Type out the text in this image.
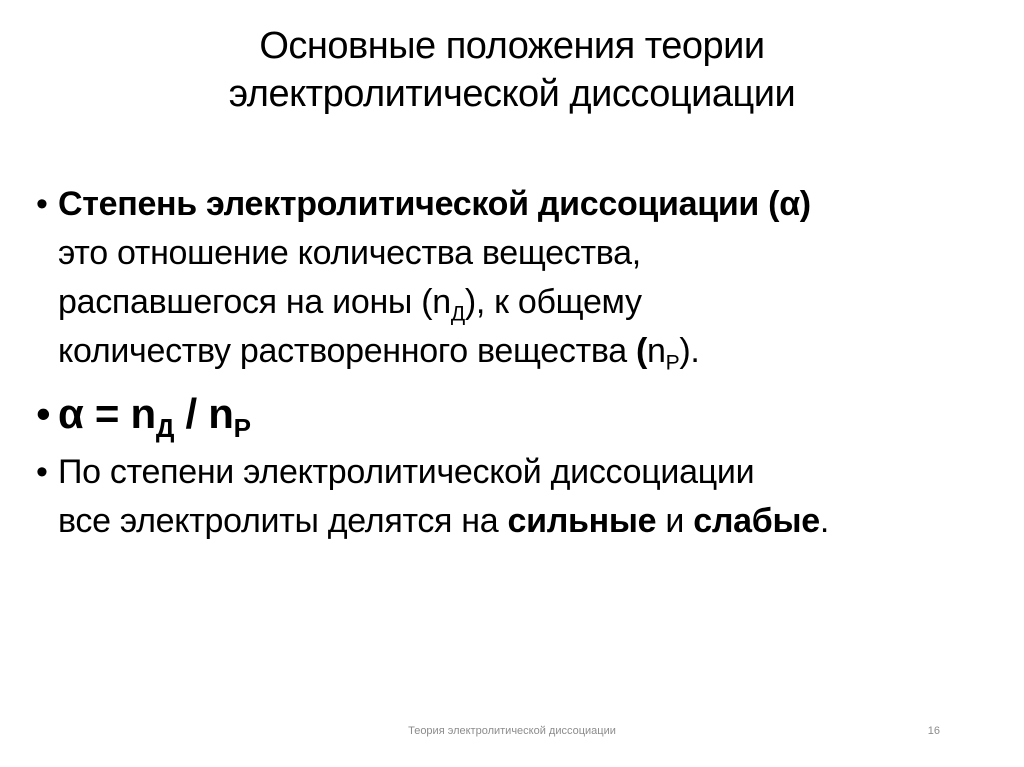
Основные положения теории
электролитической диссоциации
• Степень электролитической диссоциации (α)
это отношение количества вещества,
распавшегося на ионы $(n_Д)$, к общему
количеству растворенного вещества $(n_Р)$.
• $\alpha = n_Д / n_Р$
• По степени электролитической диссоциации
все электролиты делятся на сильные и слабые.
Теория электролитической диссоциации	16
